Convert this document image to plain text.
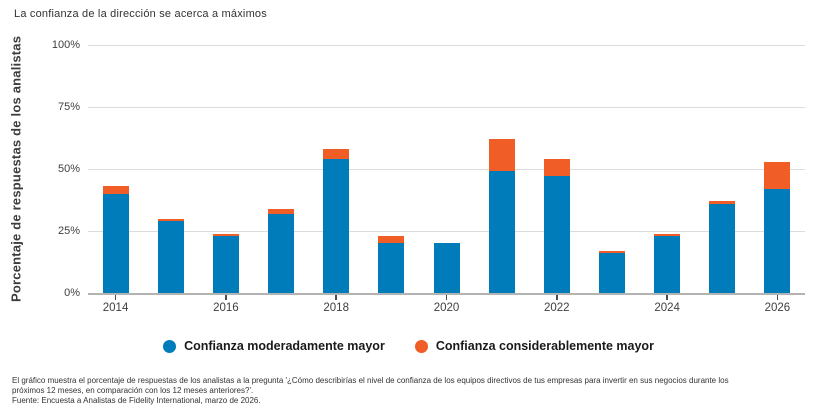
La confianza de la dirección se acerca a máximos
Porcentaje de respuestas de los analistas	0%
25%
50%
75%
100%
2014	2016	2018	2020	2022	2024	2026
Confianza moderadamente mayor	Confianza considerablemente mayor
El gráfico muestra el porcentaje de respuestas de los analistas a la pregunta '¿Cómo describirías el nivel de confianza de los equipos directivos de tus empresas para invertir en sus negocios durante los
próximos 12 meses, en comparación con los 12 meses anteriores?'.
Fuente: Encuesta a Analistas de Fidelity International, marzo de 2026.
